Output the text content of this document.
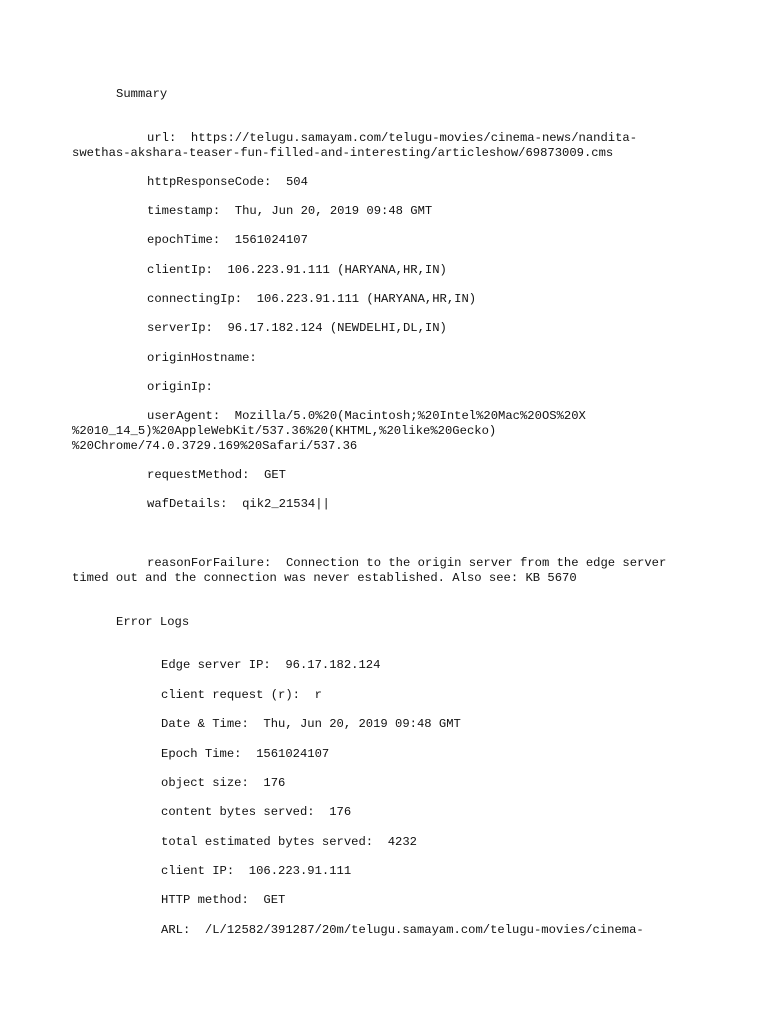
Summary
url:  https://telugu.samayam.com/telugu-movies/cinema-news/nandita-
swethas-akshara-teaser-fun-filled-and-interesting/articleshow/69873009.cms
httpResponseCode:  504
timestamp:  Thu, Jun 20, 2019 09:48 GMT
epochTime:  1561024107
clientIp:  106.223.91.111 (HARYANA,HR,IN)
connectingIp:  106.223.91.111 (HARYANA,HR,IN)
serverIp:  96.17.182.124 (NEWDELHI,DL,IN)
originHostname:
originIp:
userAgent:  Mozilla/5.0%20(Macintosh;%20Intel%20Mac%20OS%20X
%2010_14_5)%20AppleWebKit/537.36%20(KHTML,%20like%20Gecko)
%20Chrome/74.0.3729.169%20Safari/537.36
requestMethod:  GET
wafDetails:  qik2_21534||
reasonForFailure:  Connection to the origin server from the edge server
timed out and the connection was never established. Also see: KB 5670
Error Logs
Edge server IP:  96.17.182.124
client request (r):  r
Date & Time:  Thu, Jun 20, 2019 09:48 GMT
Epoch Time:  1561024107
object size:  176
content bytes served:  176
total estimated bytes served:  4232
client IP:  106.223.91.111
HTTP method:  GET
ARL:  /L/12582/391287/20m/telugu.samayam.com/telugu-movies/cinema-
